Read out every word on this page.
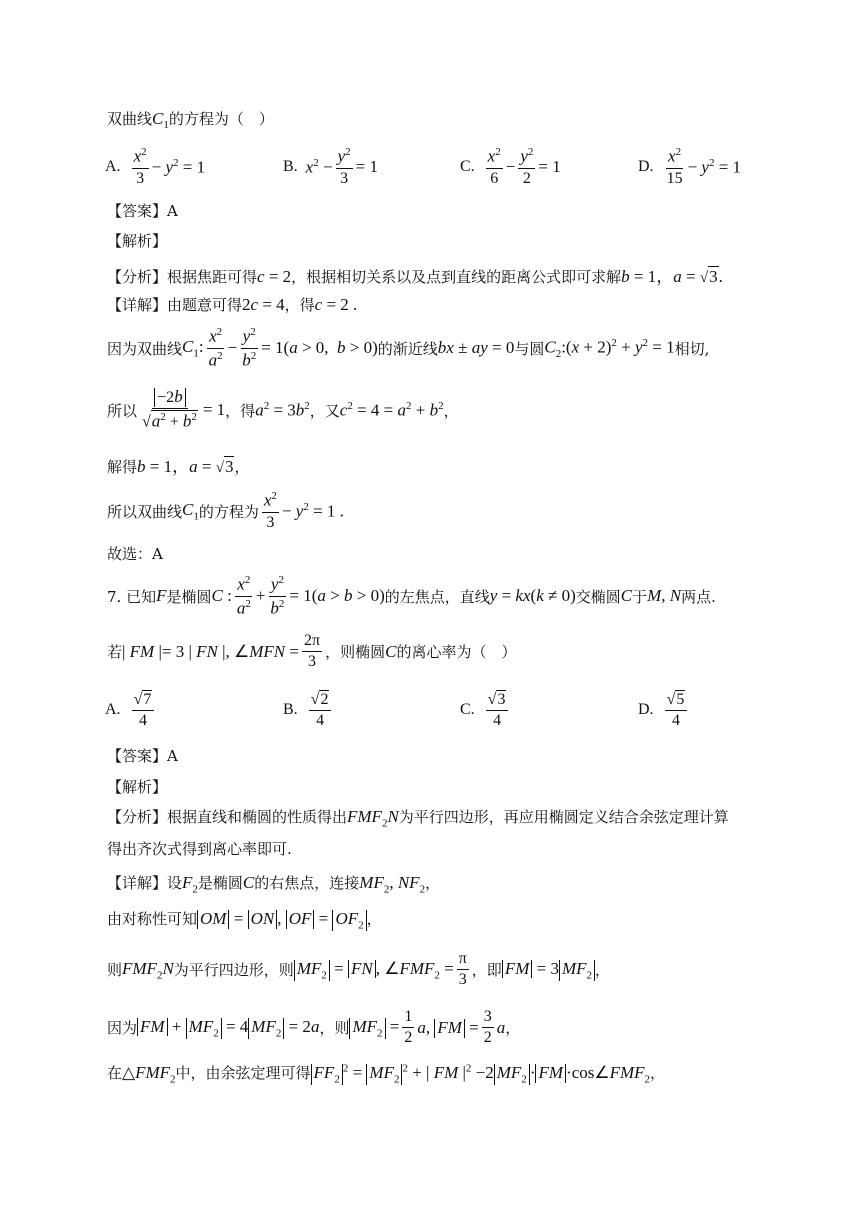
双曲线$C_1$的方程为（　）
A. $\frac{x^2}{3} - y^2 = 1$	B. $x^2 - \frac{y^2}{3} = 1$	C. $\frac{x^2}{6} - \frac{y^2}{2} = 1$	D. $\frac{x^2}{15} - y^2 = 1$
【答案】A
【解析】
【分析】根据焦距可得c = 2，根据相切关系以及点到直线的距离公式即可求解b = 1，a = √3.
【详解】由题意可得2c = 4，得c = 2 .
因为双曲线 $C_1$: $\frac{x^2}{a^2} - \frac{y^2}{b^2} = 1(a > 0$,  b > 0) 的渐近线 bx ± ay = 0 与圆 $C_2:(x + 2)^2 + y^2 = 1$ 相切,
所以 $\frac{-2b}{√a^2 + b^2} = 1$ ，得 $a^2 = 3b^2$ ，又 $c^2 = 4 = a^2 + b^2$ ，
解得b = 1，a = √3，
所以双曲线 $C_1$ 的方程为 $\frac{x^2}{3} - y^2 = 1$ .
故选：A
7. 已知 F 是椭圆 C : $\frac{x^2}{a^2} + \frac{y^2}{b^2} = 1(a > b > 0)$ 的左焦点，直线 y = kx(k ≠ 0) 交椭圆 C 于 M, N 两点.
若 | FM |= 3 | FN |, ∠MFN = $\frac{2\pi}{3}$ ，则椭圆 C 的离心率为（　）
A. $\frac{√7}{4}$	B. $\frac{√2}{4}$	C. $\frac{√3}{4}$	D. $\frac{√5}{4}$
【答案】A
【解析】
【分析】根据直线和椭圆的性质得出$FMF_2N$为平行四边形，再应用椭圆定义结合余弦定理计算
得出齐次式得到离心率即可.
【详解】设$F_2$是椭圆C的右焦点，连接$MF_2$, $NF_2$，
由对称性可知 OM = ON , OF = $OF_2$ ，
则 $FMF_2N$ 为平行四边形，则 $MF_2$ = FN , $\angle FMF_2 = \frac{\pi}{3}$ ，即 FM = 3 $MF_2$ ，
因为 FM + $MF_2 = 4$ $MF_2 = 2a$ ，则 $MF_2 = \frac{1}{2} a$, FM = $\frac{3}{2}$ a ，
在$\triangle FMF_2$中，由余弦定理可得 $FF_2^2 = MF_2^2$ + | FM $|^2 -2$ $MF_2$ · FM $\cdot\cos\angle FMF_2$，
